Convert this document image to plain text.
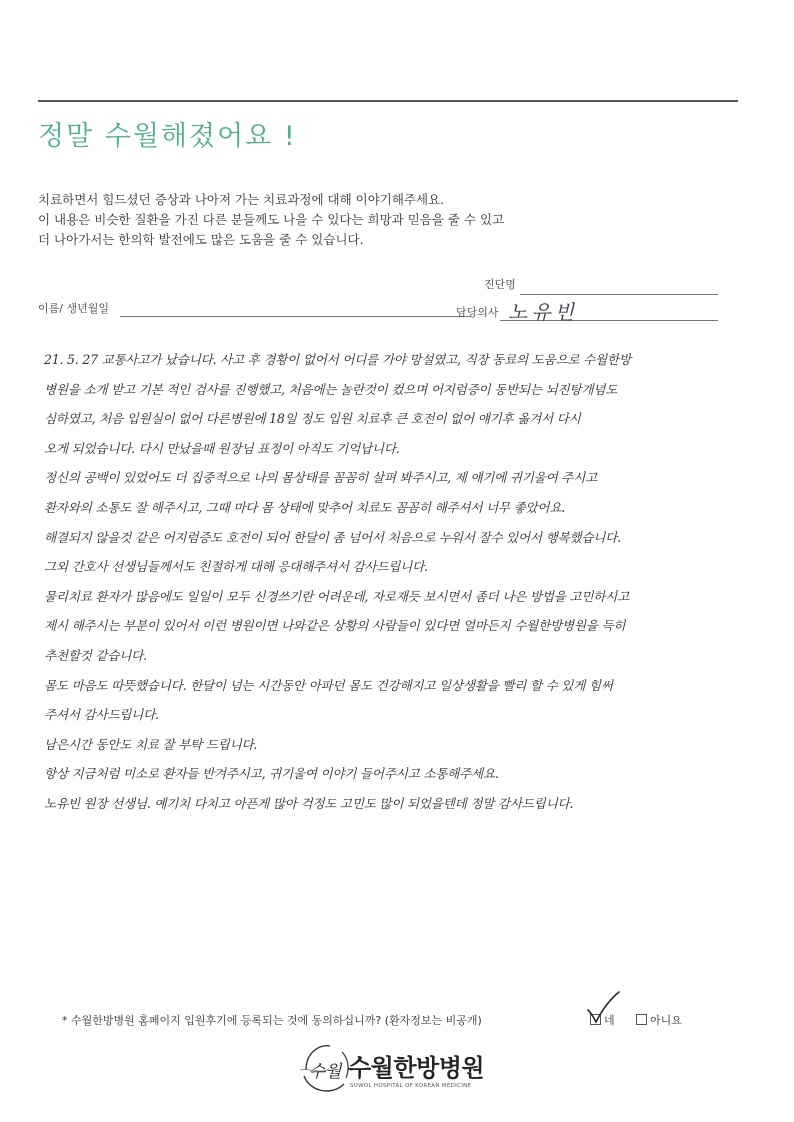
정말 수월해졌어요 !
치료하면서 힘드셨던 증상과 나아져 가는 치료과정에 대해 이야기해주세요.
이 내용은 비슷한 질환을 가진 다른 분들께도 나을 수 있다는 희망과 믿음을 줄 수 있고
더 나아가서는 한의학 발전에도 많은 도움을 줄 수 있습니다.
진단명
이름/ 생년월일	담당의사 노유빈
21. 5. 27 교통사고가 났습니다. 사고 후 경황이 없어서 어디를 가야 망설였고, 직장 동료의 도움으로 수월한방
병원을 소개 받고 기본 적인 검사를 진행했고, 처음에는 놀란것이 컸으며 어지럼증이 동반되는 뇌진탕개념도
심하였고, 처음 입원실이 없어 다른병원에 18일 정도 입원 치료후 큰 호전이 없어 얘기후 옮겨서 다시
오게 되었습니다. 다시 만났을때 원장님 표정이 아직도 기억납니다.
정신의 공백이 있었어도 더 집중적으로 나의 몸상태를 꼼꼼히 살펴 봐주시고, 제 얘기에 귀기울여 주시고
환자와의 소통도 잘 해주시고, 그때 마다 몸 상태에 맞추어 치료도 꼼꼼히 해주셔서 너무 좋았어요.
해결되지 않을것 같은 어지럼증도 호전이 되어 한달이 좀 넘어서 처음으로 누워서 잘수 있어서 행복했습니다.
그외 간호사 선생님들께서도 친절하게 대해 응대해주셔서 감사드립니다.
물리치료 환자가 많음에도 일일이 모두 신경쓰기란 어려운데, 자로재듯 보시면서 좀더 나은 방법을 고민하시고
제시 해주시는 부분이 있어서 이런 병원이면 나와같은 상황의 사람들이 있다면 얼마든지 수월한방병원을 득히
추천할것 같습니다.
몸도 마음도 따뜻했습니다. 한달이 넘는 시간동안 아파던 몸도 건강해지고 일상생활을 빨리 할 수 있게 힘써
주셔서 감사드립니다.
남은시간 동안도 치료 잘 부탁 드립니다.
항상 지금처럼 미소로 환자들 반겨주시고, 귀기울여 이야기 들어주시고 소통해주세요.
노유빈 원장 선생님. 예기치 다치고 아픈게 많아 걱정도 고민도 많이 되었을텐데 정말 감사드립니다.
* 수월한방병원 홈페이지 입원후기에 등록되는 것에 동의하십니까? (환자정보는 비공개)	네	아니요
수월 수월한방병원
SUWOL HOSPITAL OF KOREAN MEDICINE
